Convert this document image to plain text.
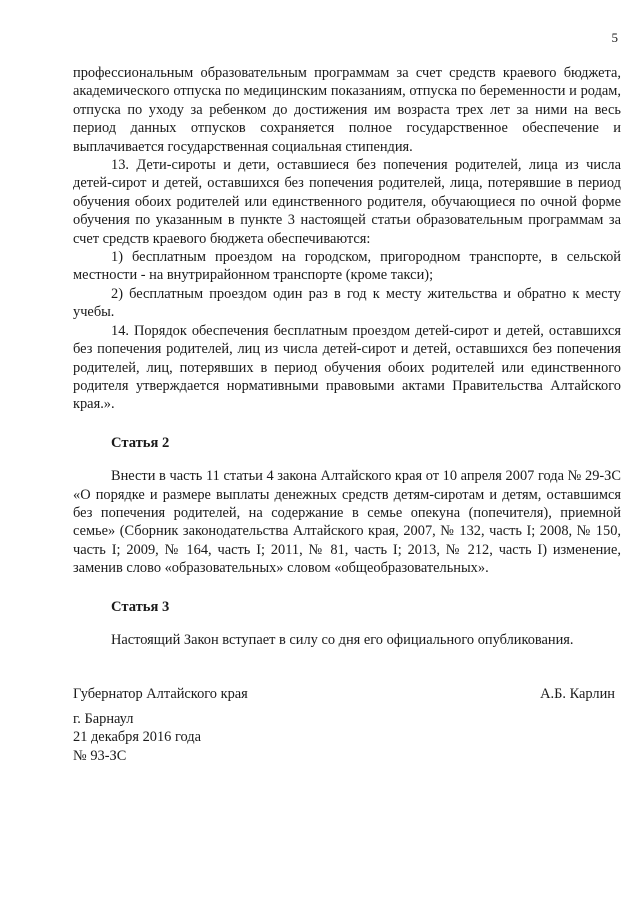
5

профессиональным образовательным программам за счет средств краевого бюджета, академического отпуска по медицинским показаниям, отпуска по беременности и родам, отпуска по уходу за ребенком до достижения им возраста трех лет за ними на весь период данных отпусков сохраняется полное государственное обеспечение и выплачивается государственная социальная стипендия.

13. Дети-сироты и дети, оставшиеся без попечения родителей, лица из числа детей-сирот и детей, оставшихся без попечения родителей, лица, потерявшие в период обучения обоих родителей или единственного родителя, обучающиеся по очной форме обучения по указанным в пункте 3 настоящей статьи образовательным программам за счет средств краевого бюджета обеспечиваются:

1) бесплатным проездом на городском, пригородном транспорте, в сельской местности - на внутрирайонном транспорте (кроме такси);

2) бесплатным проездом один раз в год к месту жительства и обратно к месту учебы.

14. Порядок обеспечения бесплатным проездом детей-сирот и детей, оставшихся без попечения родителей, лиц из числа детей-сирот и детей, оставшихся без попечения родителей, лиц, потерявших в период обучения обоих родителей или единственного родителя утверждается нормативными правовыми актами Правительства Алтайского края.».

Статья 2

Внести в часть 11 статьи 4 закона Алтайского края от 10 апреля 2007 года № 29-ЗС «О порядке и размере выплаты денежных средств детям-сиротам и детям, оставшимся без попечения родителей, на содержание в семье опекуна (попечителя), приемной семье» (Сборник законодательства Алтайского края, 2007, № 132, часть I; 2008, № 150, часть I; 2009, № 164, часть I; 2011, № 81, часть I; 2013, № 212, часть I) изменение, заменив слово «образовательных» словом «общеобразовательных».

Статья 3

Настоящий Закон вступает в силу со дня его официального опубликования.

Губернатор Алтайского края	А.Б. Карлин

г. Барнаул

21 декабря 2016 года

№ 93-ЗС
